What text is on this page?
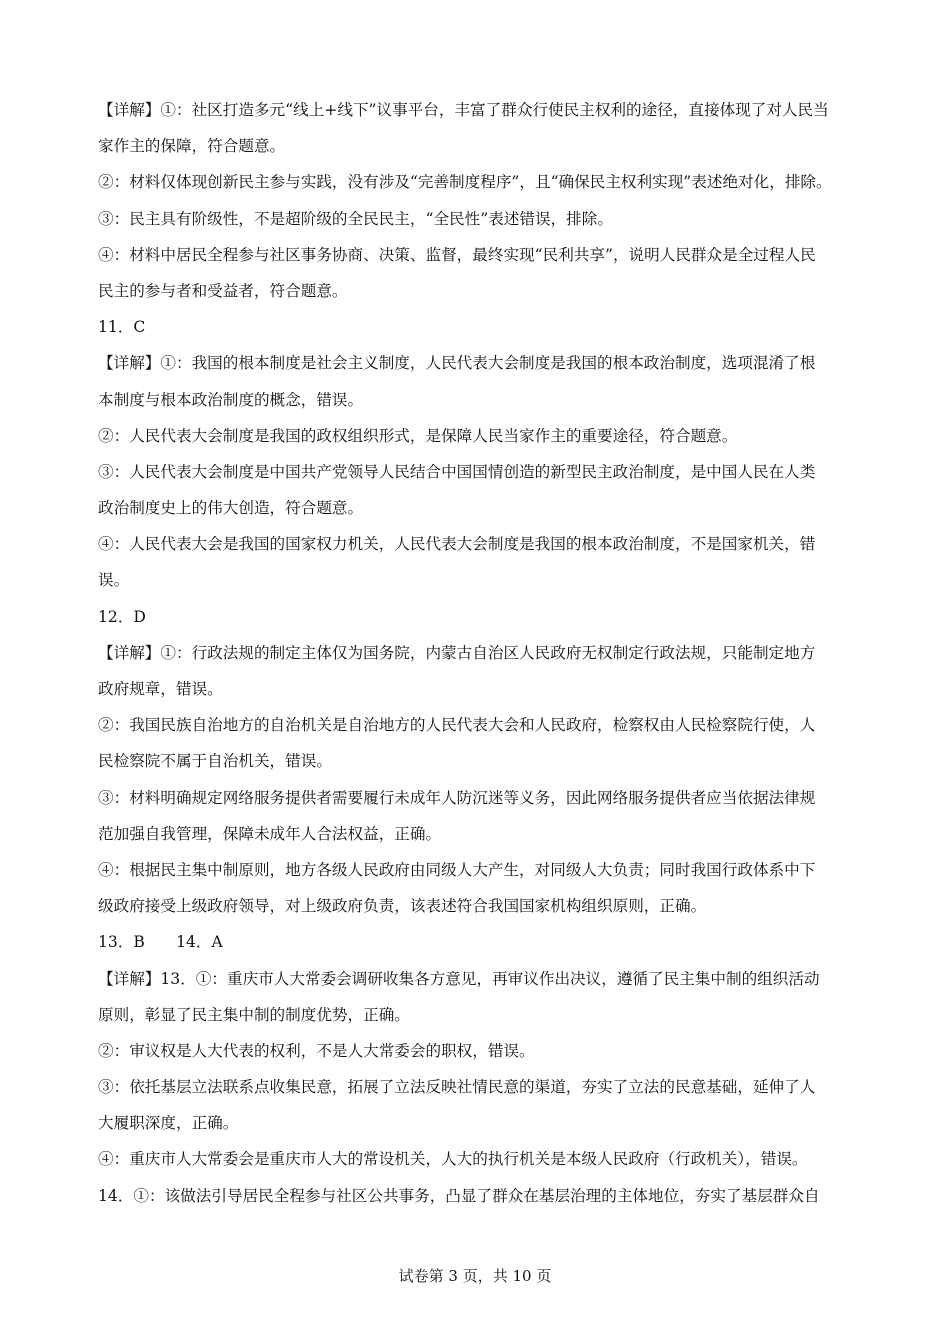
【详解】①：社区打造多元“线上+线下”议事平台，丰富了群众行使民主权利的途径，直接体现了对人民当
家作主的保障，符合题意。
②：材料仅体现创新民主参与实践，没有涉及“完善制度程序”，且“确保民主权利实现”表述绝对化，排除。
③：民主具有阶级性，不是超阶级的全民民主，“全民性”表述错误，排除。
④：材料中居民全程参与社区事务协商、决策、监督，最终实现“民利共享”，说明人民群众是全过程人民
民主的参与者和受益者，符合题意。
11．C
【详解】①：我国的根本制度是社会主义制度，人民代表大会制度是我国的根本政治制度，选项混淆了根
本制度与根本政治制度的概念，错误。
②：人民代表大会制度是我国的政权组织形式，是保障人民当家作主的重要途径，符合题意。
③：人民代表大会制度是中国共产党领导人民结合中国国情创造的新型民主政治制度，是中国人民在人类
政治制度史上的伟大创造，符合题意。
④：人民代表大会是我国的国家权力机关，人民代表大会制度是我国的根本政治制度，不是国家机关，错
误。
12．D
【详解】①：行政法规的制定主体仅为国务院，内蒙古自治区人民政府无权制定行政法规，只能制定地方
政府规章，错误。
②：我国民族自治地方的自治机关是自治地方的人民代表大会和人民政府，检察权由人民检察院行使，人
民检察院不属于自治机关，错误。
③：材料明确规定网络服务提供者需要履行未成年人防沉迷等义务，因此网络服务提供者应当依据法律规
范加强自我管理，保障未成年人合法权益，正确。
④：根据民主集中制原则，地方各级人民政府由同级人大产生，对同级人大负责；同时我国行政体系中下
级政府接受上级政府领导，对上级政府负责，该表述符合我国国家机构组织原则，正确。
13．B　　14．A
【详解】13．①：重庆市人大常委会调研收集各方意见，再审议作出决议，遵循了民主集中制的组织活动
原则，彰显了民主集中制的制度优势，正确。
②：审议权是人大代表的权利，不是人大常委会的职权，错误。
③：依托基层立法联系点收集民意，拓展了立法反映社情民意的渠道，夯实了立法的民意基础，延伸了人
大履职深度，正确。
④：重庆市人大常委会是重庆市人大的常设机关，人大的执行机关是本级人民政府（行政机关），错误。
14．①：该做法引导居民全程参与社区公共事务，凸显了群众在基层治理的主体地位，夯实了基层群众自
试卷第 3 页，共 10 页
